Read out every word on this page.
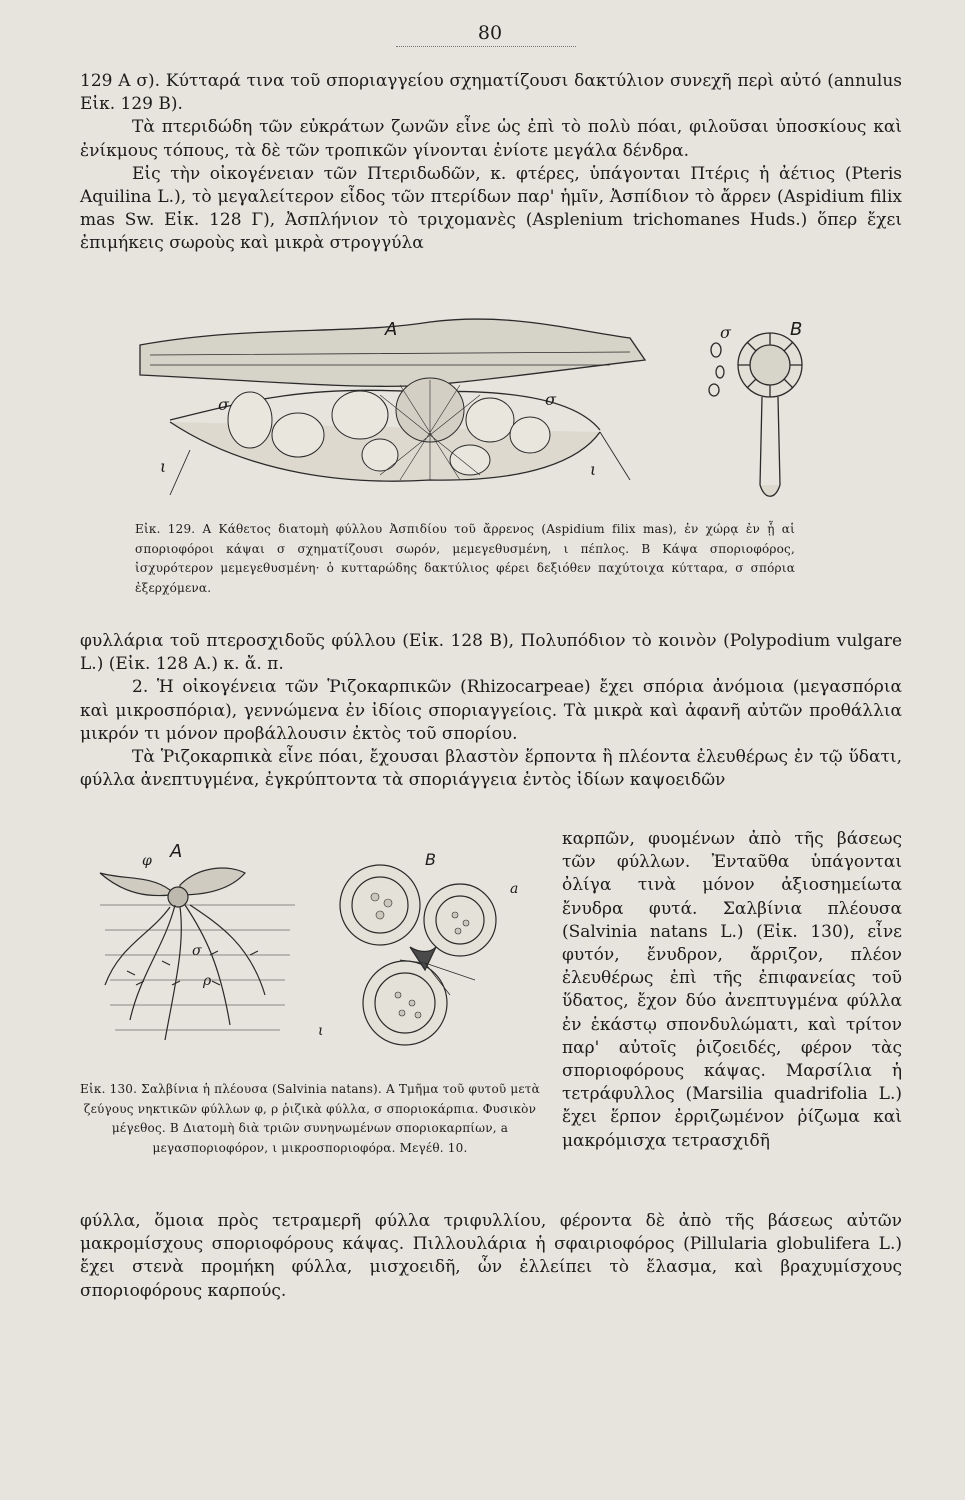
80

129 Α σ). Κύτταρά τινα τοῦ σποριαγγείου σχηματίζουσι δακτύλιον συνεχῆ περὶ αὐτό (annulus Εἰκ. 129 Β).

Τὰ πτεριδώδη τῶν εὐκράτων ζωνῶν εἶνε ὡς ἐπὶ τὸ πολὺ πόαι, φιλοῦσαι ὑποσκίους καὶ ἐνίκμους τόπους, τὰ δὲ τῶν τροπικῶν γίνονται ἐνίοτε μεγάλα δένδρα.

Εἰς τὴν οἰκογένειαν τῶν Πτεριδωδῶν, κ. φτέρες, ὑπάγονται Πτέρις ἡ ἀέτιος (Pteris Aquilina L.), τὸ μεγαλείτερον εἶδος τῶν πτερίδων παρ' ἡμῖν, Ἀσπίδιον τὸ ἄρρεν (Aspidium filix mas Sw. Εἰκ. 128 Γ), Ἀσπλήνιον τὸ τριχομανὲς (Asplenium trichomanes Huds.) ὅπερ ἔχει ἐπιμήκεις σωροὺς καὶ μικρὰ στρογγύλα

A	B
σ	σ
σ
ι	ι
Εἰκ. 129. Α Κάθετος διατομὴ φύλλου Ἀσπιδίου τοῦ ἄρρενος (Aspidium filix mas), ἐν χώρᾳ ἐν ᾗ αἱ σποριοφόροι κάψαι σ σχηματίζουσι σωρόν, μεμεγεθυσμένη, ι πέπλος. Β Κάψα σποριοφόρος, ἰσχυρότερον μεμεγεθυσμένη· ὁ κυτταρώδης δακτύλιος φέρει δεξιόθεν παχύτοιχα κύτταρα, σ σπόρια ἐξερχόμενα.

φυλλάρια τοῦ πτεροσχιδοῦς φύλλου (Εἰκ. 128 Β), Πολυπόδιον τὸ κοινὸν (Polypodium vulgare L.) (Εἰκ. 128 Α.) κ. ἄ. π.

2. Ἡ οἰκογένεια τῶν Ῥιζοκαρπικῶν (Rhizocarpeae) ἔχει σπόρια ἀνόμοια (μεγασπόρια καὶ μικροσπόρια), γεννώμενα ἐν ἰδίοις σποριαγγείοις. Τὰ μικρὰ καὶ ἀφανῆ αὐτῶν προθάλλια μικρόν τι μόνον προβάλλουσιν ἐκτὸς τοῦ σπορίου.

Τὰ Ῥιζοκαρπικὰ εἶνε πόαι, ἔχουσαι βλαστὸν ἕρποντα ἢ πλέοντα ἐλευθέρως ἐν τῷ ὕδατι, φύλλα ἀνεπτυγμένα, ἐγκρύπτοντα τὰ σποριάγγεια ἐντὸς ἰδίων καψοειδῶν

A	B
φ
ρ
σ
a
ι
Εἰκ. 130. Σαλβίνια ἡ πλέουσα (Salvinia natans). Α Τμῆμα τοῦ φυτοῦ μετὰ ζεύγους νηκτικῶν φύλλων φ, ρ ῥιζικὰ φύλλα, σ σποριοκάρπια. Φυσικὸν μέγεθος. Β Διατομὴ διὰ τριῶν συνηνωμένων σποριοκαρπίων, a μεγασποριοφόρον, ι μικροσποριοφόρα. Μεγέθ. 10.

καρπῶν, φυομένων ἀπὸ τῆς βάσεως τῶν φύλλων. Ἐνταῦθα ὑπάγονται ὀλίγα τινὰ μόνον ἀξιοσημείωτα ἔνυδρα φυτά. Σαλβίνια πλέουσα (Salvinia natans L.) (Εἰκ. 130), εἶνε φυτόν, ἔνυδρον, ἄρριζον, πλέον ἐλευθέρως ἐπὶ τῆς ἐπιφανείας τοῦ ὕδατος, ἔχον δύο ἀνεπτυγμένα φύλλα ἐν ἑκάστῳ σπονδυλώματι, καὶ τρίτον παρ' αὐτοῖς ῥιζοειδές, φέρον τὰς σποριοφόρους κάψας. Μαρσίλια ἡ τετράφυλλος (Marsilia quadrifolia L.) ἔχει ἕρπον ἐρριζωμένον ῥίζωμα καὶ μακρόμισχα τετρασχιδῆ

φύλλα, ὅμοια πρὸς τετραμερῆ φύλλα τριφυλλίου, φέροντα δὲ ἀπὸ τῆς βάσεως αὐτῶν μακρομίσχους σποριοφόρους κάψας. Πιλλουλάρια ἡ σφαιριοφόρος (Pillularia globulifera L.) ἔχει στενὰ προμήκη φύλλα, μισχοειδῆ, ὧν ἐλλείπει τὸ ἔλασμα, καὶ βραχυμίσχους σποριοφόρους καρπούς.
